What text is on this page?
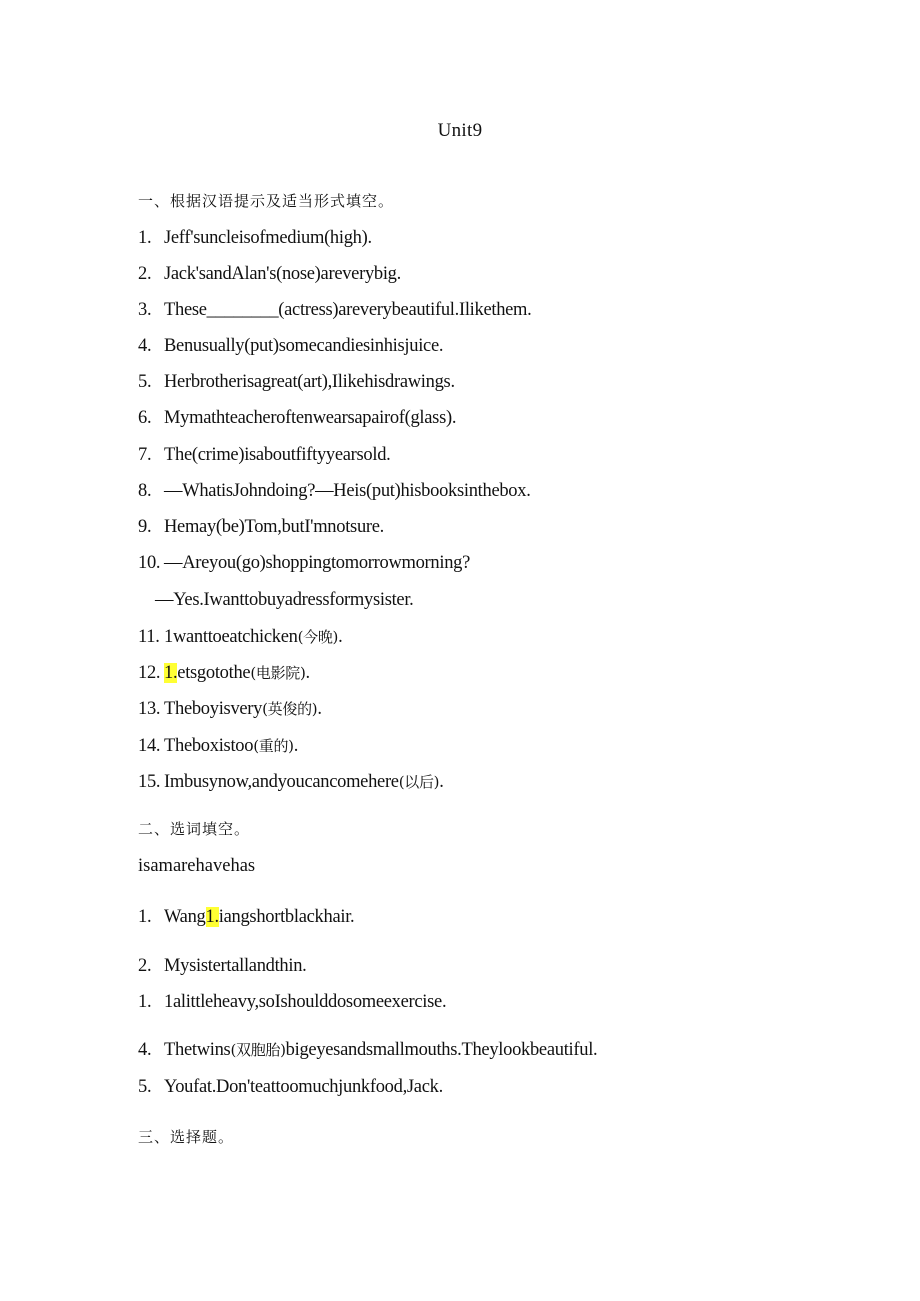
Unit9
一、根据汉语提示及适当形式填空。
1. Jeff'suncleisofmedium(high).
2. Jack'sandAlan's(nose)areverybig.
3. These________(actress)areverybeautiful.Ilikethem.
4. Benusually(put)somecandiesinhisjuice.
5. Herbrotherisagreat(art),Ilikehisdrawings.
6. Mymathteacheroftenwearsapairof(glass).
7. The(crime)isaboutfiftyyearsold.
8. —WhatisJohndoing?—Heis(put)hisbooksinthebox.
9. Hemay(be)Tom,butI'mnotsure.
10. —Areyou(go)shoppingtomorrowmorning?
—Yes.Iwanttobuyadressformysister.
11. 1wanttoeatchicken(今晚).
12. 1.etsgotothe(电影院).
13. Theboyisvery(英俊的).
14. Theboxistoo(重的).
15. Imbusynow,andyoucancomehere(以后).
二、选词填空。
isamarehavehas
1. Wang1.iangshortblackhair.
2. Mysistertallandthin.
1. 1alittleheavy,soIshoulddosomeexercise.
4. Thetwins(双胞胎)bigeyesandsmallmouths.Theylookbeautiful.
5. Youfat.Don'teattoomuchjunkfood,Jack.
三、选择题。
